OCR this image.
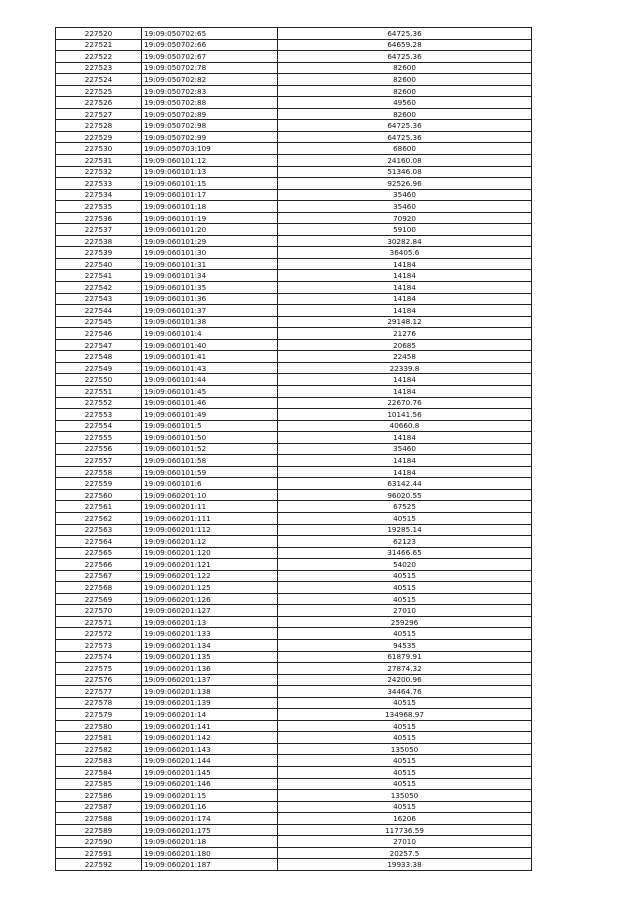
227520	19:09:050702:65	64725.36
227521	19:09:050702:66	64659.28
227522	19:09:050702:67	64725.36
227523	19:09:050702:78	82600
227524	19:09:050702:82	82600
227525	19:09:050702:83	82600
227526	19:09:050702:88	49560
227527	19:09:050702:89	82600
227528	19:09:050702:98	64725.36
227529	19:09:050702:99	64725.36
227530	19:09:050703:109	68600
227531	19:09:060101:12	24160.08
227532	19:09:060101:13	51346.08
227533	19:09:060101:15	92526.96
227534	19:09:060101:17	35460
227535	19:09:060101:18	35460
227536	19:09:060101:19	70920
227537	19:09:060101:20	59100
227538	19:09:060101:29	30282.84
227539	19:09:060101:30	36405.6
227540	19:09:060101:31	14184
227541	19:09:060101:34	14184
227542	19:09:060101:35	14184
227543	19:09:060101:36	14184
227544	19:09:060101:37	14184
227545	19:09:060101:38	29148.12
227546	19:09:060101:4	21276
227547	19:09:060101:40	20685
227548	19:09:060101:41	22458
227549	19:09:060101:43	22339.8
227550	19:09:060101:44	14184
227551	19:09:060101:45	14184
227552	19:09:060101:46	22670.76
227553	19:09:060101:49	10141.56
227554	19:09:060101:5	40660.8
227555	19:09:060101:50	14184
227556	19:09:060101:52	35460
227557	19:09:060101:58	14184
227558	19:09:060101:59	14184
227559	19:09:060101:6	63142.44
227560	19:09:060201:10	96020.55
227561	19:09:060201:11	67525
227562	19:09:060201:111	40515
227563	19:09:060201:112	19285.14
227564	19:09:060201:12	62123
227565	19:09:060201:120	31466.65
227566	19:09:060201:121	54020
227567	19:09:060201:122	40515
227568	19:09:060201:125	40515
227569	19:09:060201:126	40515
227570	19:09:060201:127	27010
227571	19:09:060201:13	259296
227572	19:09:060201:133	40515
227573	19:09:060201:134	94535
227574	19:09:060201:135	61879.91
227575	19:09:060201:136	27874.32
227576	19:09:060201:137	24200.96
227577	19:09:060201:138	34464.76
227578	19:09:060201:139	40515
227579	19:09:060201:14	134968.97
227580	19:09:060201:141	40515
227581	19:09:060201:142	40515
227582	19:09:060201:143	135050
227583	19:09:060201:144	40515
227584	19:09:060201:145	40515
227585	19:09:060201:146	40515
227586	19:09:060201:15	135050
227587	19:09:060201:16	40515
227588	19:09:060201:174	16206
227589	19:09:060201:175	117736.59
227590	19:09:060201:18	27010
227591	19:09:060201:180	20257.5
227592	19:09:060201:187	19933.38
